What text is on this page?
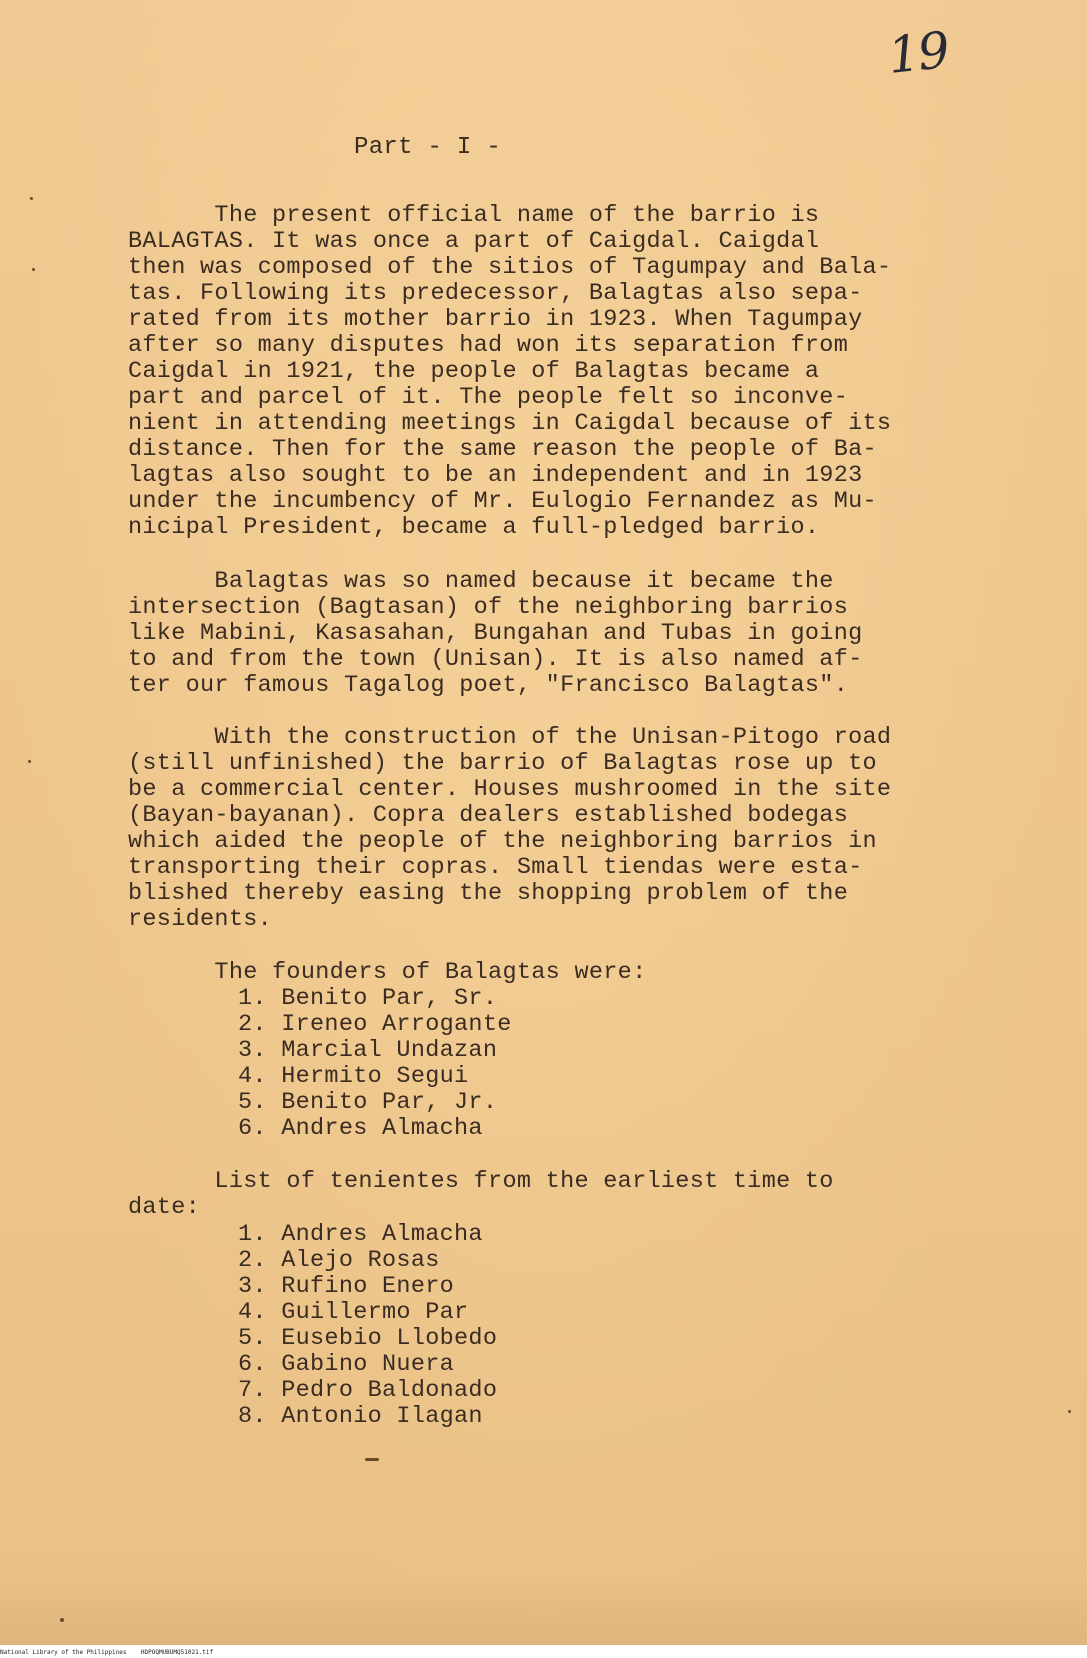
19
Part - I -

The present official name of the barrio is

BALAGTAS. It was once a part of Caigdal. Caigdal

then was composed of the sitios of Tagumpay and Bala-

tas. Following its predecessor, Balagtas also sepa-

rated from its mother barrio in 1923. When Tagumpay

after so many disputes had won its separation from

Caigdal in 1921, the people of Balagtas became a

part and parcel of it. The people felt so inconve-

nient in attending meetings in Caigdal because of its

distance. Then for the same reason the people of Ba-

lagtas also sought to be an independent and in 1923

under the incumbency of Mr. Eulogio Fernandez as Mu-

nicipal President, became a full-pledged barrio.

Balagtas was so named because it became the

intersection (Bagtasan) of the neighboring barrios

like Mabini, Kasasahan, Bungahan and Tubas in going

to and from the town (Unisan). It is also named af-

ter our famous Tagalog poet, "Francisco Balagtas".

With the construction of the Unisan-Pitogo road

(still unfinished) the barrio of Balagtas rose up to

be a commercial center. Houses mushroomed in the site

(Bayan-bayanan). Copra dealers established bodegas

which aided the people of the neighboring barrios in

transporting their copras. Small tiendas were esta-

blished thereby easing the shopping problem of the

residents.

The founders of Balagtas were:

1. Benito Par, Sr.

2. Ireneo Arrogante

3. Marcial Undazan

4. Hermito Segui

5. Benito Par, Jr.

6. Andres Almacha

List of tenientes from the earliest time to

date:

1. Andres Almacha

2. Alejo Rosas

3. Rufino Enero

4. Guillermo Par

5. Eusebio Llobedo

6. Gabino Nuera

7. Pedro Baldonado

8. Antonio Ilagan

National Library of the Philippines    HDPOQMUBUMQ51021.tif
